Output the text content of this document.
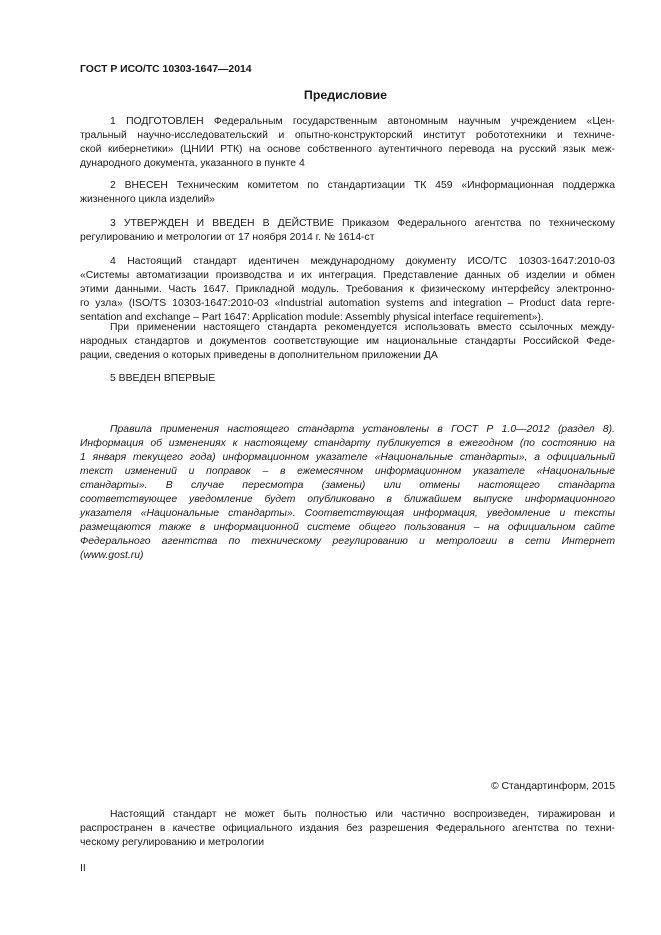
ГОСТ Р ИСО/ТС 10303-1647—2014
Предисловие
1 ПОДГОТОВЛЕН Федеральным государственным автономным научным учреждением «Цен-
тральный научно-исследовательский и опытно-конструкторский институт робототехники и техниче-
ской кибернетики» (ЦНИИ РТК) на основе собственного аутентичного перевода на русский язык меж-
дународного документа, указанного в пункте 4
2 ВНЕСЕН Техническим комитетом по стандартизации ТК 459 «Информационная поддержка
жизненного цикла изделий»
3 УТВЕРЖДЕН И ВВЕДЕН В ДЕЙСТВИЕ Приказом Федерального агентства по техническому
регулированию и метрологии от 17 ноября 2014 г. № 1614-ст
4 Настоящий стандарт идентичен международному документу ИСО/ТС 10303-1647:2010-03
«Системы автоматизации производства и их интеграция. Представление данных об изделии и обмен
этими данными. Часть 1647. Прикладной модуль. Требования к физическому интерфейсу электронно-
го узла» (ISO/TS 10303-1647:2010-03 «Industrial automation systems and integration – Product data repre-
sentation and exchange – Part 1647: Application module: Assembly physical interface requirement»).
При применении настоящего стандарта рекомендуется использовать вместо ссылочных между-
народных стандартов и документов соответствующие им национальные стандарты Российской Феде-
рации, сведения о которых приведены в дополнительном приложении ДА
5 ВВЕДЕН ВПЕРВЫЕ
Правила применения настоящего стандарта установлены в ГОСТ Р 1.0—2012 (раздел 8).
Информация об изменениях к настоящему стандарту публикуется в ежегодном (по состоянию на
1 января текущего года) информационном указателе «Национальные стандарты», а официальный
текст изменений и поправок – в ежемесячном информационном указателе «Национальные
стандарты». В случае пересмотра (замены) или отмены настоящего стандарта
соответствующее уведомление будет опубликовано в ближайшем выпуске информационного
указателя «Национальные стандарты». Соответствующая информация, уведомление и тексты
размещаются также в информационной системе общего пользования – на официальном сайте
Федерального агентства по техническому регулированию и метрологии в сети Интернет
(www.gost.ru)
© Стандартинформ, 2015
Настоящий стандарт не может быть полностью или частично воспроизведен, тиражирован и
распространен в качестве официального издания без разрешения Федерального агентства по техни-
ческому регулированию и метрологии
II
